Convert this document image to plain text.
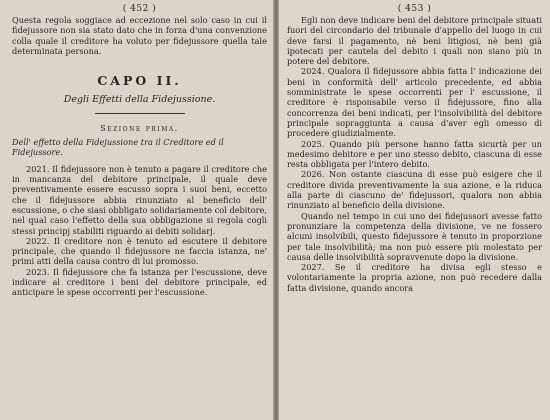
( 452 )

Questa regola soggiace ad eccezione nel solo caso in cui il fidejussore non sia stato dato che in forza d'una convenzione colla quale il creditore ha voluto per fidejussore quella tale determinata persona.

CAPO II.
Degli Effetti della Fidejussione.
Sezione prima.

Dell' effetto della Fidejussione tra il Creditore ed il Fidejussore.

2021. Il fidejussore non è tenuto a pagare il creditore che in mancanza del debitore principale, il quale deve preventivamente essere escusso sopra i suoi beni, eccetto che il fidejussore abbia rinunziato al beneficio dell' escussione, o che siasi obbligato solidariamente col debitore, nel qual caso l'effetto della sua obbligazione si regola cogli stessi principj stabiliti riguardo ai debiti solidarj.

2022. Il creditore non è tenuto ad escutere il debitore principale, che quando il fidejussore ne faccia istanza, ne' primi atti della causa contro di lui promosso.

2023. Il fidejussore che fa istanza per l'escussione, deve indicare al creditore i beni del debitore principale, ed anticipare le spese occorrenti per l'escussione.

( 453 )

Egli non deve indicare beni del debitore principale situati fuori del circondario del tribunale d'appello del luogo in cui deve farsi il pagamento, nè beni litigiosi, nè beni già ipotecati per cautela del debito i quali non siano più in potere del debitore.

2024. Qualora il fidejussore abbia fatta l' indicazione dei beni in conformità dell' articolo precedente, ed abbia somministrate le spese occorrenti per l' escussione, il creditore è risponsabile verso il fidejussore, fino alla concorrenza dei beni indicati, per l'insolvibilità del debitore principale sopraggiunta a causa d'aver egli omesso di procedere giudizialmente.

2025. Quando più persone hanno fatta sicurtà per un medesimo debitore e per uno stesso debito, ciascuna di esse resta obbligata per l'intero debito.

2026. Non ostante ciascuna di esse può esigere che il creditore divida preventivamente la sua azione, e la riduca alla parte di ciascuno de' fidejussori, qualora non abbia rinunziato al beneficio della divisione.

Quando nel tempo in cui uno dei fidejussori avesse fatto pronunziare la competenza della divisione, ve ne fossero alcuni insolvibili, questo fidejussore è tenuto in proporzione per tale insolvibilità; ma non può essere più molestato per causa delle insolvibilità sopravvenute dopo la divisione.

2027. Se il creditore ha divisa egli stesso e volontariamente la propria azione, non può recedere dalla fatta divisione, quando ancora
